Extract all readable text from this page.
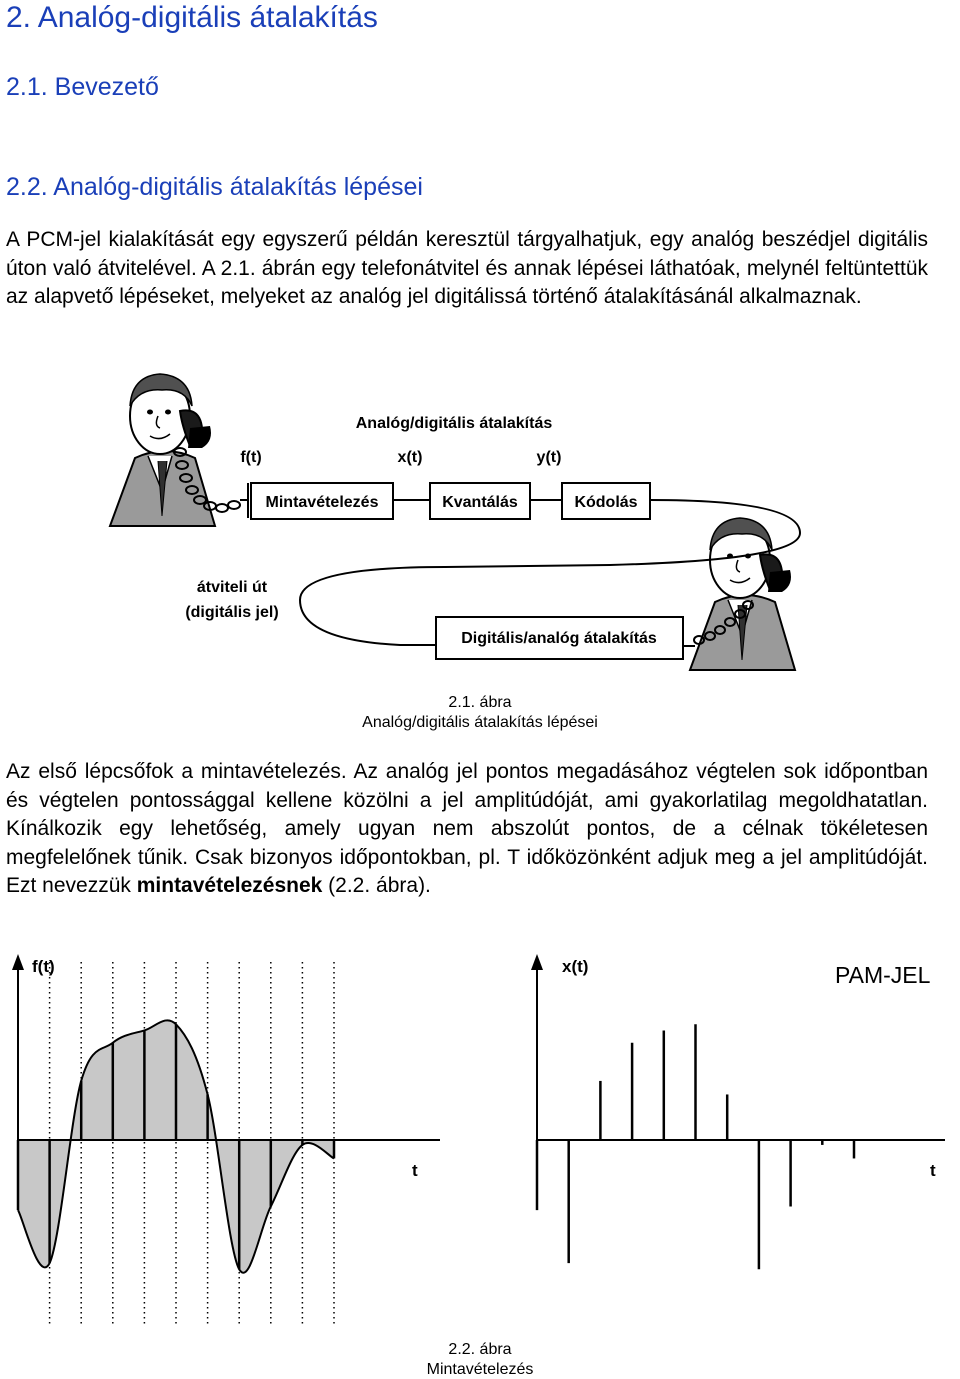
2. Analóg-digitális átalakítás
2.1. Bevezető
2.2. Analóg-digitális átalakítás lépései

A PCM-jel kialakítását egy egyszerű példán keresztül tárgyalhatjuk, egy analóg beszédjel digitális úton való átvitelével. A 2.1. ábrán egy telefonátvitel és annak lépései láthatóak, melynél feltüntettük az alapvető lépéseket, melyeket az analóg jel digitálissá történő átalakításánál alkalmaznak.

Analóg/digitális átalakítás
f(t)	x(t)	y(t)
Mintavételezés	Kvantálás	Kódolás
átviteli út
(digitális jel)
Digitális/analóg átalakítás
2.1. ábra
Analóg/digitális átalakítás lépései

Az első lépcsőfok a mintavételezés. Az analóg jel pontos megadásához végtelen sok időpontban és végtelen pontossággal kellene közölni a jel amplitúdóját, ami gyakorlatilag megoldhatatlan. Kínálkozik egy lehetőség, amely ugyan nem abszolút pontos, de a célnak tökéletesen megfelelőnek tűnik. Csak bizonyos időpontokban, pl. T időközönként adjuk meg a jel amplitúdóját. Ezt nevezzük mintavételezésnek (2.2. ábra).

f(t)
t
x(t)
t
PAM-JEL
2.2. ábra
Mintavételezés
